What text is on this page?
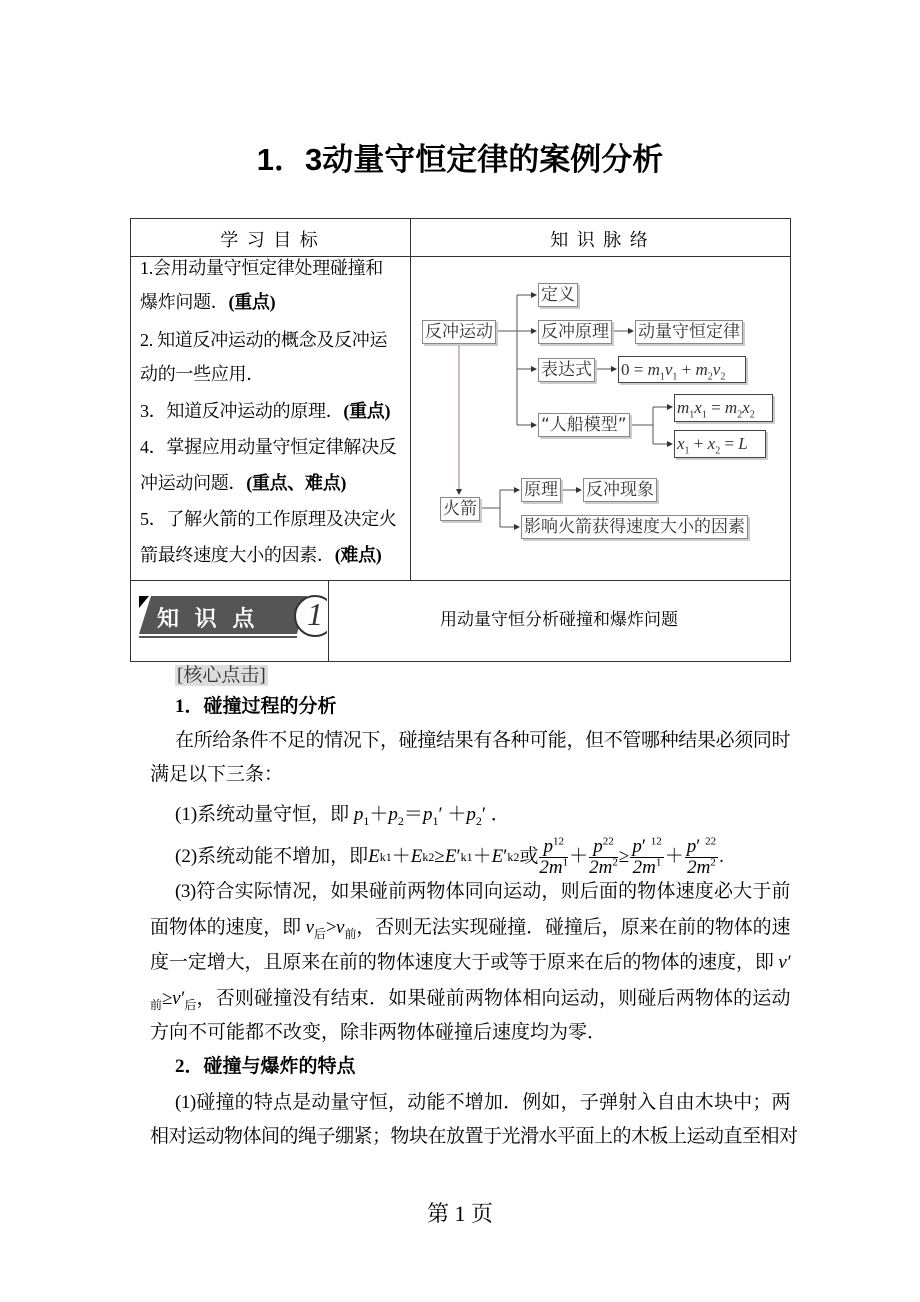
1．3动量守恒定律的案例分析
学 习 目 标	知 识 脉 络
1.会用动量守恒定律处理碰撞和
爆炸问题．(重点)
2. 知道反冲运动的概念及反冲运
动的一些应用．
3．知道反冲运动的原理．(重点)
4．掌握应用动量守恒定律解决反
冲运动问题．(重点、难点)
5．了解火箭的工作原理及决定火
箭最终速度大小的因素．(难点)
定义
反冲运动	反冲原理 动量守恒定律
表达式 $0 = m_1v_1 + m_2v_2$
“人船模型”
$m_1x_1 = m_2x_2$
$x_1 + x_2 = L$
火箭
原理 反冲现象
影响火箭获得速度大小的因素
知 识 点 1	用动量守恒分析碰撞和爆炸问题
[核心点击]
1．碰撞过程的分析
在所给条件不足的情况下，碰撞结果有各种可能，但不管哪种结果必须同时
满足以下三条：
(1)系统动量守恒，即 $p_1+p_2=p_1' +p_2'$ ．
(2)系统动能不增加，即 E k1 ＋ E k2 ≥ E ′ k1 ＋ E ′ k2 或 $\frac{p^{12}}{2m^1} + \frac{p^{22}}{2m^2} \ge \frac{p' ^{12}}{2m^1} + \frac{p' ^{22}}{2m^2}$ .
(3)符合实际情况，如果碰前两物体同向运动，则后面的物体速度必大于前
面物体的速度，即 $v_后>v_前$，否则无法实现碰撞．碰撞后，原来在前的物体的速
度一定增大，且原来在前的物体速度大于或等于原来在后的物体的速度，即 v′
$_前\ge v'_后$，否则碰撞没有结束．如果碰前两物体相向运动，则碰后两物体的运动
方向不可能都不改变，除非两物体碰撞后速度均为零．
2．碰撞与爆炸的特点
(1)碰撞的特点是动量守恒，动能不增加．例如，子弹射入自由木块中；两
相对运动物体间的绳子绷紧；物块在放置于光滑水平面上的木板上运动直至相对
第 1 页
